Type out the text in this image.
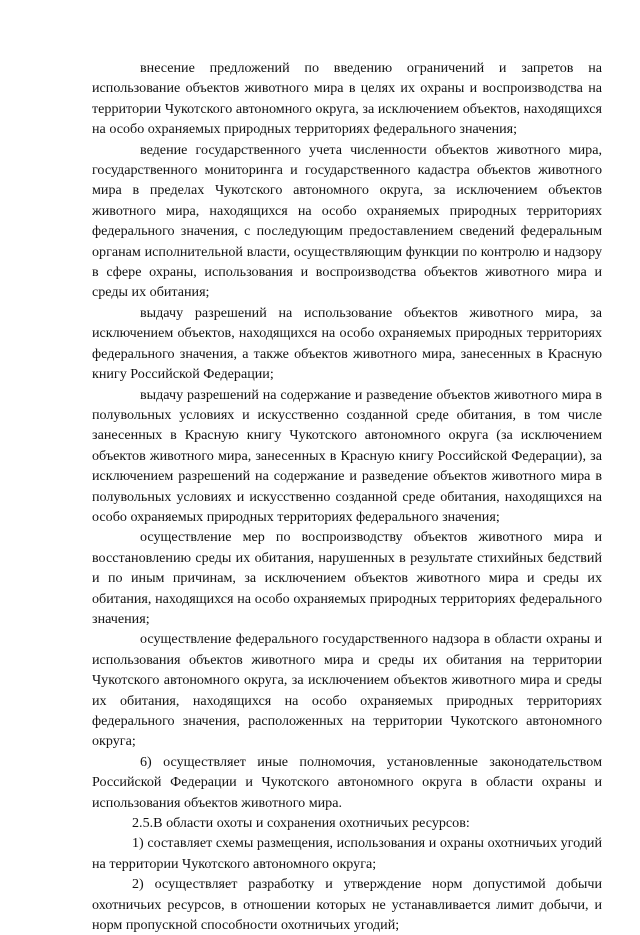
внесение предложений по введению ограничений и запретов на использование объектов животного мира в целях их охраны и воспроизводства на территории Чукотского автономного округа, за исключением объектов, находящихся на особо охраняемых природных территориях федерального значения;

ведение государственного учета численности объектов животного мира, государственного мониторинга и государственного кадастра объектов животного мира в пределах Чукотского автономного округа, за исключением объектов животного мира, находящихся на особо охраняемых природных территориях федерального значения, с последующим предоставлением сведений федеральным органам исполнительной власти, осуществляющим функции по контролю и надзору в сфере охраны, использования и воспроизводства объектов животного мира и среды их обитания;

выдачу разрешений на использование объектов животного мира, за исключением объектов, находящихся на особо охраняемых природных территориях федерального значения, а также объектов животного мира, занесенных в Красную книгу Российской Федерации;

выдачу разрешений на содержание и разведение объектов животного мира в полувольных условиях и искусственно созданной среде обитания, в том числе занесенных в Красную книгу Чукотского автономного округа (за исключением объектов животного мира, занесенных в Красную книгу Российской Федерации), за исключением разрешений на содержание и разведение объектов животного мира в полувольных условиях и искусственно созданной среде обитания, находящихся на особо охраняемых природных территориях федерального значения;

осуществление мер по воспроизводству объектов животного мира и восстановлению среды их обитания, нарушенных в результате стихийных бедствий и по иным причинам, за исключением объектов животного мира и среды их обитания, находящихся на особо охраняемых природных территориях федерального значения;

осуществление федерального государственного надзора в области охраны и использования объектов животного мира и среды их обитания на территории Чукотского автономного округа, за исключением объектов животного мира и среды их обитания, находящихся на особо охраняемых природных территориях федерального значения, расположенных на территории Чукотского автономного округа;

6) осуществляет иные полномочия, установленные законодательством Российской Федерации и Чукотского автономного округа в области охраны и использования объектов животного мира.

2.5.В области охоты и сохранения охотничьих ресурсов:

1) составляет схемы размещения, использования и охраны охотничьих угодий на территории Чукотского автономного округа;

2) осуществляет разработку и утверждение норм допустимой добычи охотничьих ресурсов, в отношении которых не устанавливается лимит добычи, и норм пропускной способности охотничьих угодий;
